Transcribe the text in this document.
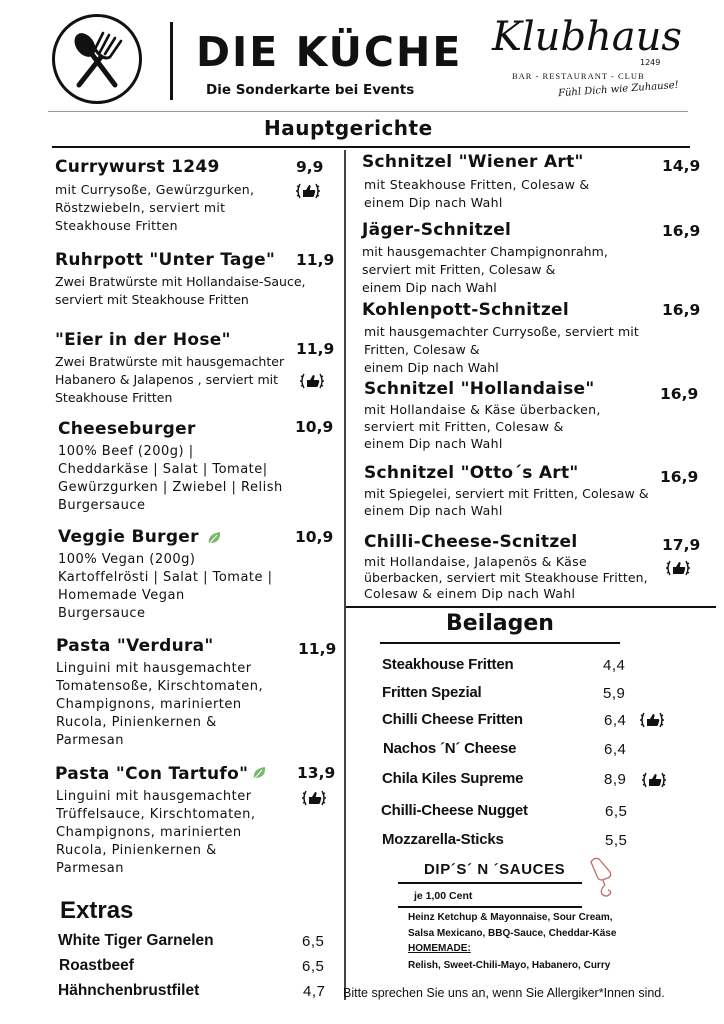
DIE KÜCHE
Die Sonderkarte bei Events
Klubhaus
1249
BAR - RESTAURANT - CLUB
Fühl Dich wie Zuhause!
Hauptgerichte
Currywurst 1249	9,9
mit Currysoße, Gewürzgurken,
Röstzwiebeln, serviert mit
Steakhouse Fritten
Ruhrpott "Unter Tage" 11,9
Zwei Bratwürste mit Hollandaise-Sauce,
serviert mit Steakhouse Fritten
"Eier in der Hose"	11,9
Zwei Bratwürste mit hausgemachter
Habanero & Jalapenos , serviert mit
Steakhouse Fritten
Cheeseburger	10,9
100% Beef (200g) |
Cheddarkäse | Salat | Tomate|
Gewürzgurken | Zwiebel | Relish
Burgersauce
Veggie Burger	10,9
100% Vegan (200g)
Kartoffelrösti | Salat | Tomate |
Homemade Vegan
Burgersauce
Pasta "Verdura"	11,9
Linguini mit hausgemachter
Tomatensoße, Kirschtomaten,
Champignons, marinierten
Rucola, Pinienkernen &
Parmesan
Pasta "Con Tartufo"	13,9
Linguini mit hausgemachter
Trüffelsauce, Kirschtomaten,
Champignons, marinierten
Rucola, Pinienkernen &
Parmesan
Extras
White Tiger Garnelen	6,5
Roastbeef	6,5
Hähnchenbrustfilet	4,7
Schnitzel "Wiener Art"	14,9
mit Steakhouse Fritten, Colesaw &
einem Dip nach Wahl
Jäger-Schnitzel	16,9
mit hausgemachter Champignonrahm,
serviert mit Fritten, Colesaw &
einem Dip nach Wahl
Kohlenpott-Schnitzel	16,9
mit hausgemachter Currysoße, serviert mit
Fritten, Colesaw &
einem Dip nach Wahl
Schnitzel "Hollandaise"	16,9
mit Hollandaise & Käse überbacken,
serviert mit Fritten, Colesaw &
einem Dip nach Wahl
Schnitzel "Otto´s Art"	16,9
mit Spiegelei, serviert mit Fritten, Colesaw &
einem Dip nach Wahl
Chilli-Cheese-Scnitzel	17,9
mit Hollandaise, Jalapenös & Käse
überbacken, serviert mit Steakhouse Fritten,
Colesaw & einem Dip nach Wahl
Beilagen
Steakhouse Fritten	4,4
Fritten Spezial	5,9
Chilli Cheese Fritten	6,4
Nachos ´N´ Cheese	6,4
Chila Kiles Supreme	8,9
Chilli-Cheese Nugget	6,5
Mozzarella-Sticks	5,5
DIP´S´ N ´SAUCES
je 1,00 Cent
Heinz Ketchup & Mayonnaise, Sour Cream,
Salsa Mexicano, BBQ-Sauce, Cheddar-Käse
HOMEMADE:
Relish, Sweet-Chili-Mayo, Habanero, Curry
Bitte sprechen Sie uns an, wenn Sie Allergiker*Innen sind.
